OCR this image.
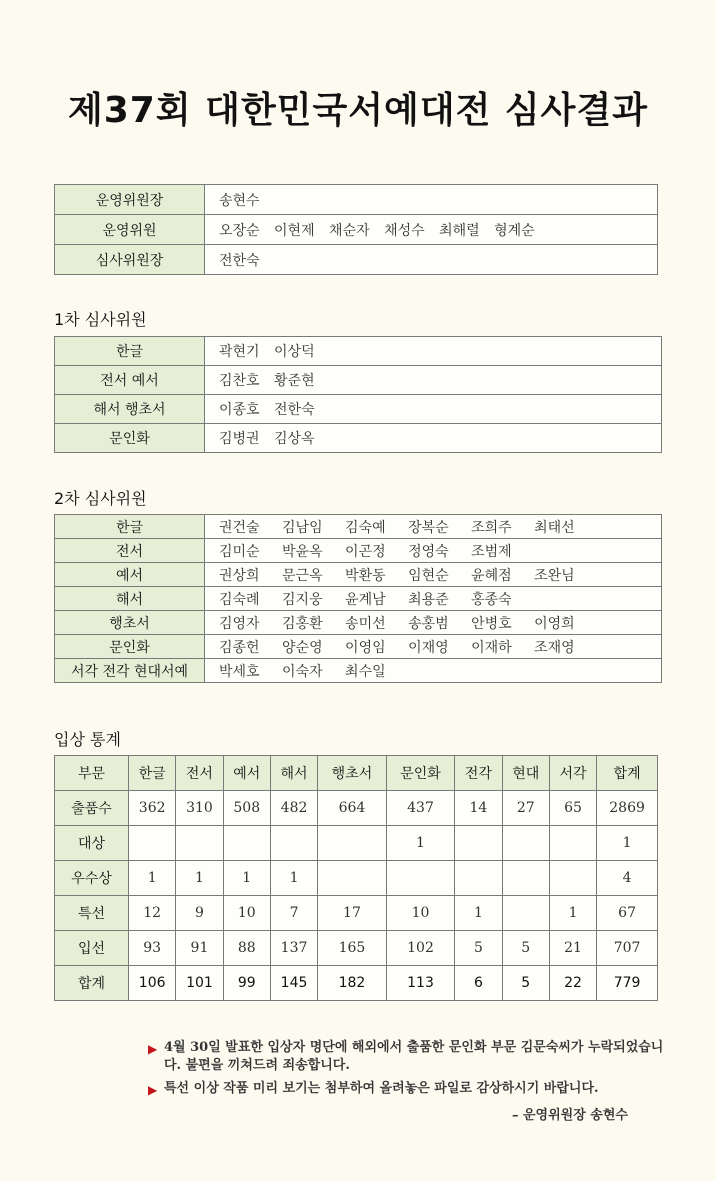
제37회 대한민국서예대전 심사결과
운영위원장	송현수
운영위원	오장순 이현제 채순자 채성수 최해렬 형계순
심사위원장	전한숙
1차 심사위원
한글	곽현기 이상덕
전서 예서	김찬호 황준현
해서 행초서	이종호 전한숙
문인화	김병권 김상옥
2차 심사위원
한글	권건술 김남임 김숙예 장복순 조희주 최태선
전서	김미순 박윤옥 이곤정 정영숙 조범제
예서	권상희 문근옥 박환동 임현순 윤혜점 조완님
해서	김숙례 김지웅 윤계남 최용준 홍종숙
행초서	김영자 김홍환 송미선 송홍범 안병호 이영희
문인화	김종헌 양순영 이영임 이재영 이재하 조재영
서각 전각 현대서예	박세호 이숙자 최수일
입상 통계
부문	한글	전서	예서	해서	행초서	문인화	전각	현대	서각	합계
출품수	362	310	508	482	664	437	14	27	65	2869
대상						1				1
우수상	1	1	1	1						4
특선	12	9	10	7	17	10	1		1	67
입선	93	91	88	137	165	102	5	5	21	707
합계	106	101	99	145	182	113	6	5	22	779
▶ 4월 30일 발표한 입상자 명단에 해외에서 출품한 문인화 부문 김문숙씨가 누락되었습니다. 불편을 끼쳐드려 죄송합니다.
▶ 특선 이상 작품 미리 보기는 첨부하여 올려놓은 파일로 감상하시기 바랍니다.
– 운영위원장 송현수
